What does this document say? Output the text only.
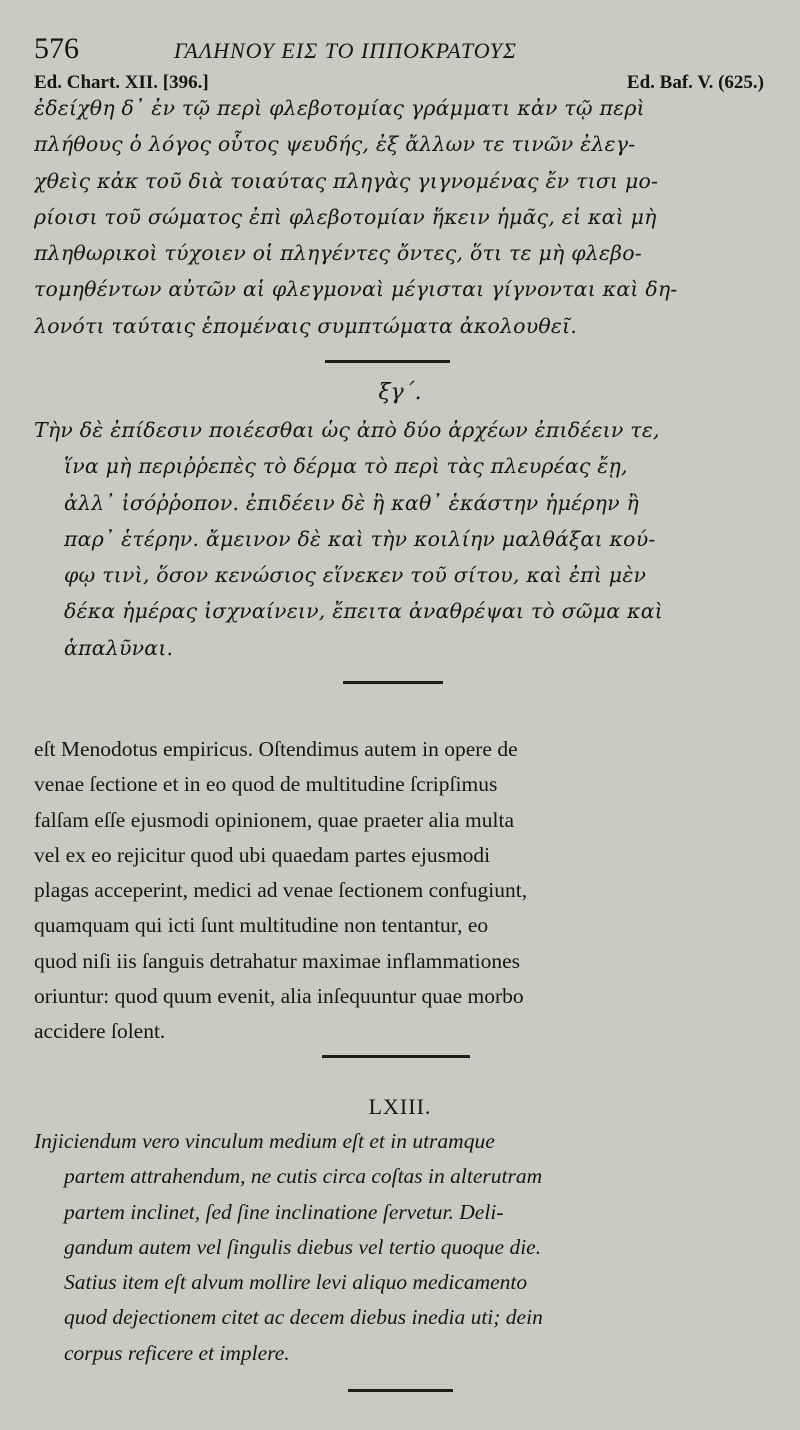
576	ΓΑΛΗΝΟΥ ΕΙΣ ΤΟ ΙΠΠΟΚΡΑΤΟΥΣ
Ed. Chart. XII. [396.]	Ed. Baf. V. (625.)
ἐδείχθη δ᾽ ἐν τῷ περὶ φλεβοτομίας γράμματι κἀν τῷ περὶ
πλήθους ὁ λόγος οὗτος ψευδής, ἐξ ἄλλων τε τινῶν ἐλεγ-
χθεὶς κἀκ τοῦ διὰ τοιαύτας πληγὰς γιγνομένας ἔν τισι μο-
ρίοισι τοῦ σώματος ἐπὶ φλεβοτομίαν ἥκειν ἡμᾶς, εἰ καὶ μὴ
πληθωρικοὶ τύχοιεν οἱ πληγέντες ὄντες, ὅτι τε μὴ φλεβο-
τομηθέντων αὐτῶν αἱ φλεγμοναὶ μέγισται γίγνονται καὶ δη-
λονότι ταύταις ἑπομέναις συμπτώματα ἀκολουθεῖ.
ξγ΄.
Τὴν δὲ ἐπίδεσιν ποιέεσθαι ὡς ἀπὸ δύο ἀρχέων ἐπιδέειν τε,
ἵνα μὴ περιῤῥεπὲς τὸ δέρμα τὸ περὶ τὰς πλευρέας ἔῃ,
ἀλλ᾽ ἰσόῤῥοπον. ἐπιδέειν δὲ ἢ καθ᾽ ἑκάστην ἡμέρην ἢ
παρ᾽ ἑτέρην. ἄμεινον δὲ καὶ τὴν κοιλίην μαλθάξαι κού-
φῳ τινὶ, ὅσον κενώσιος εἵνεκεν τοῦ σίτου, καὶ ἐπὶ μὲν
δέκα ἡμέρας ἰσχναίνειν, ἔπειτα ἀναθρέψαι τὸ σῶμα καὶ
ἁπαλῦναι.
eſt Menodotus empiricus. Oſtendimus autem in opere de
venae ſectione et in eo quod de multitudine ſcripſimus
falſam eſſe ejusmodi opinionem, quae praeter alia multa
vel ex eo rejicitur quod ubi quaedam partes ejusmodi
plagas acceperint, medici ad venae ſectionem confugiunt,
quamquam qui icti ſunt multitudine non tentantur, eo
quod niſi iis ſanguis detrahatur maximae inflammationes
oriuntur: quod quum evenit, alia inſequuntur quae morbo
accidere ſolent.
LXIII.
Injiciendum vero vinculum medium eſt et in utramque
partem attrahendum, ne cutis circa coſtas in alterutram
partem inclinet, ſed ſine inclinatione ſervetur. Deli-
gandum autem vel ſingulis diebus vel tertio quoque die.
Satius item eſt alvum mollire levi aliquo medicamento
quod dejectionem citet ac decem diebus inedia uti; dein
corpus reficere et implere.
